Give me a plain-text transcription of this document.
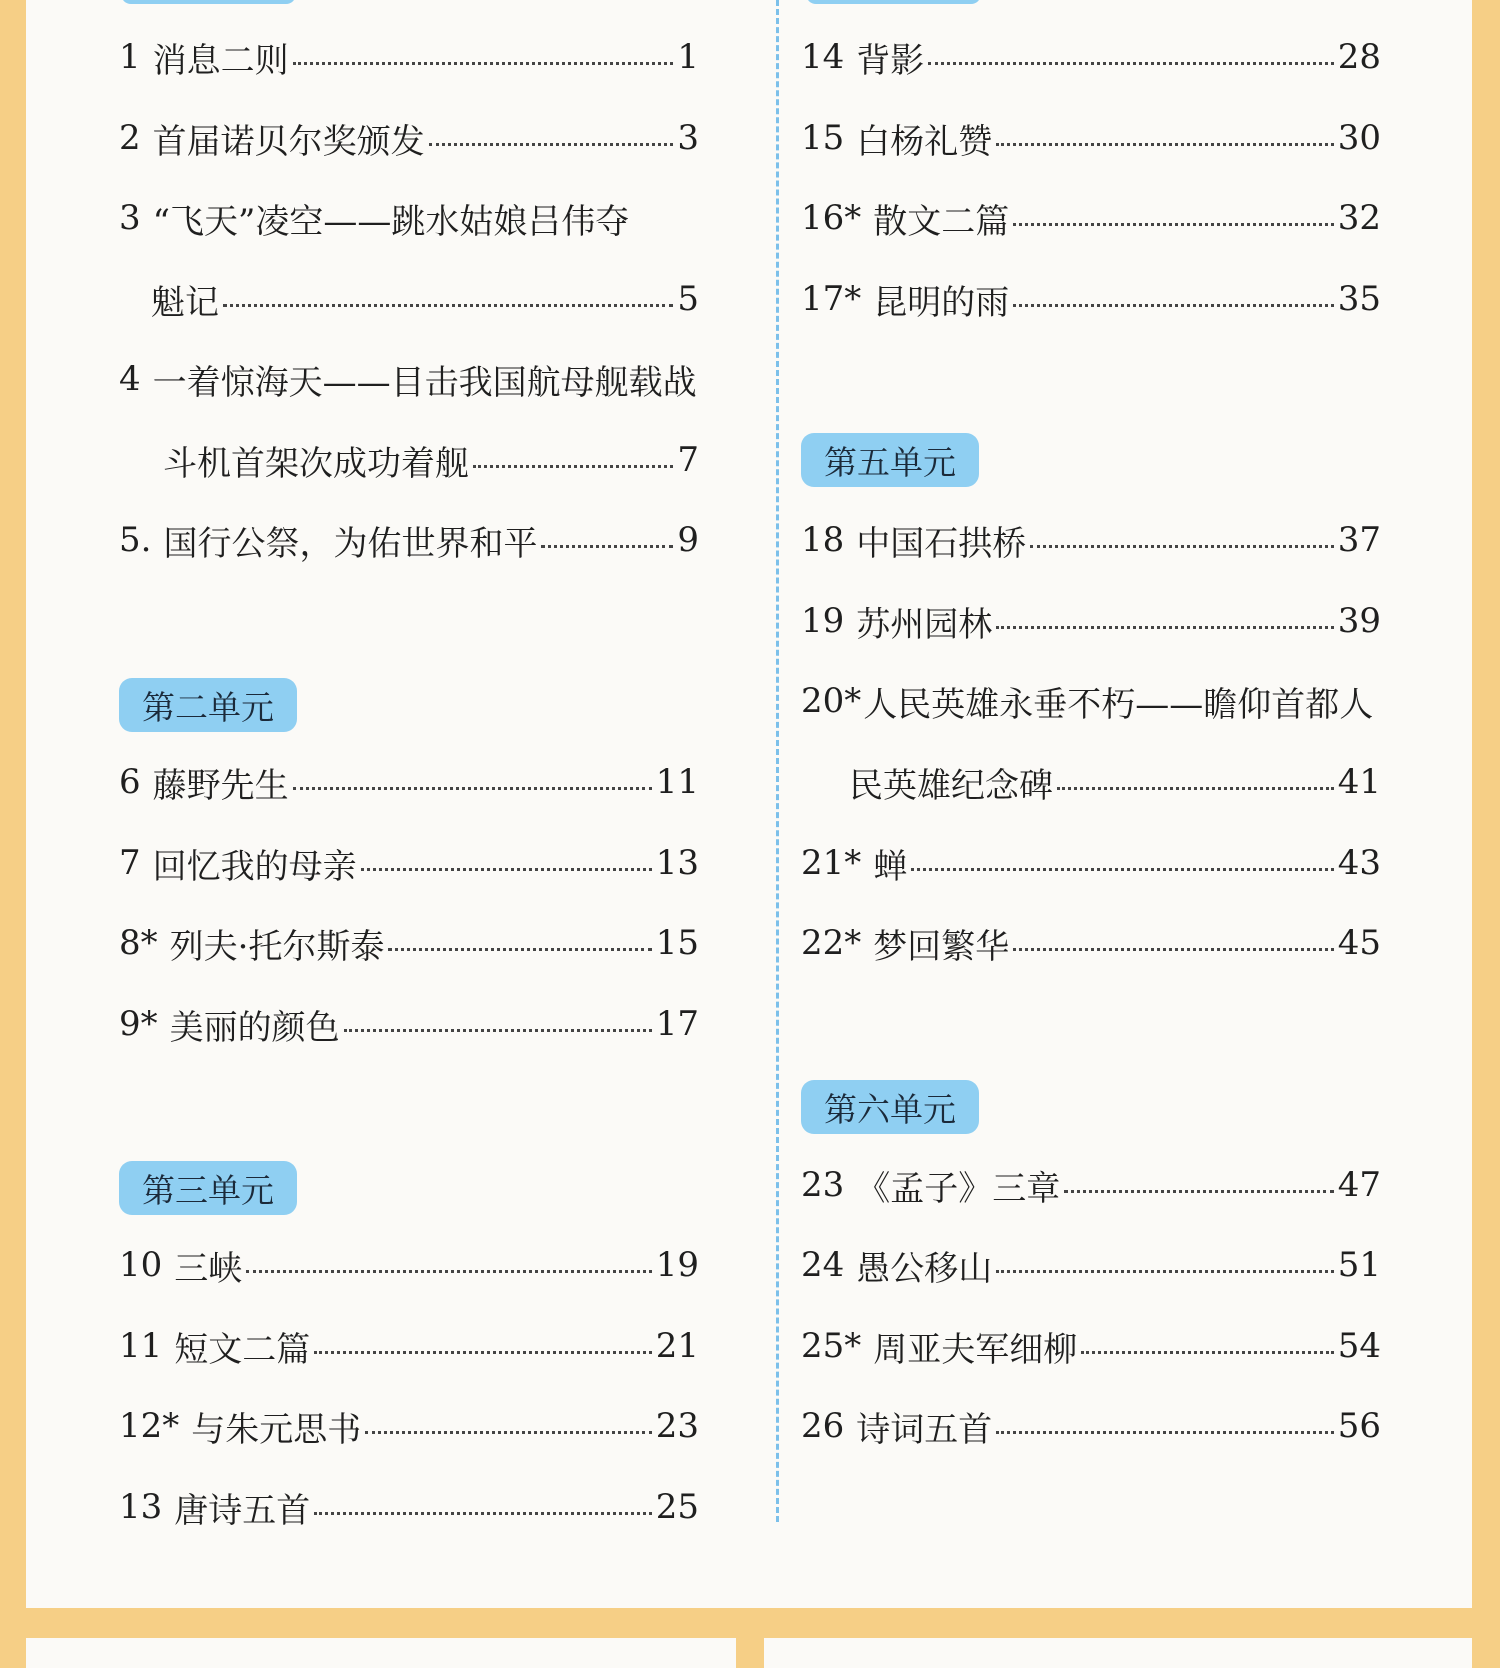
1 消息二则	1
2 首届诺贝尔奖颁发	3
3 “飞天”凌空——跳水姑娘吕伟夺
魁记	5
4 一着惊海天——目击我国航母舰载战
斗机首架次成功着舰	7
5. 国行公祭，为佑世界和平	9
第二单元
6 藤野先生	11
7 回忆我的母亲	13
8* 列夫·托尔斯泰	15
9* 美丽的颜色	17
第三单元
10 三峡	19
11 短文二篇	21
12* 与朱元思书	23
13 唐诗五首	25
14 背影	28
15 白杨礼赞	30
16* 散文二篇	32
17* 昆明的雨	35
第五单元
18 中国石拱桥	37
19 苏州园林	39
20* 人民英雄永垂不朽——瞻仰首都人
民英雄纪念碑	41
21* 蝉	43
22* 梦回繁华	45
第六单元
23 《孟子》三章	47
24 愚公移山	51
25* 周亚夫军细柳	54
26 诗词五首	56
